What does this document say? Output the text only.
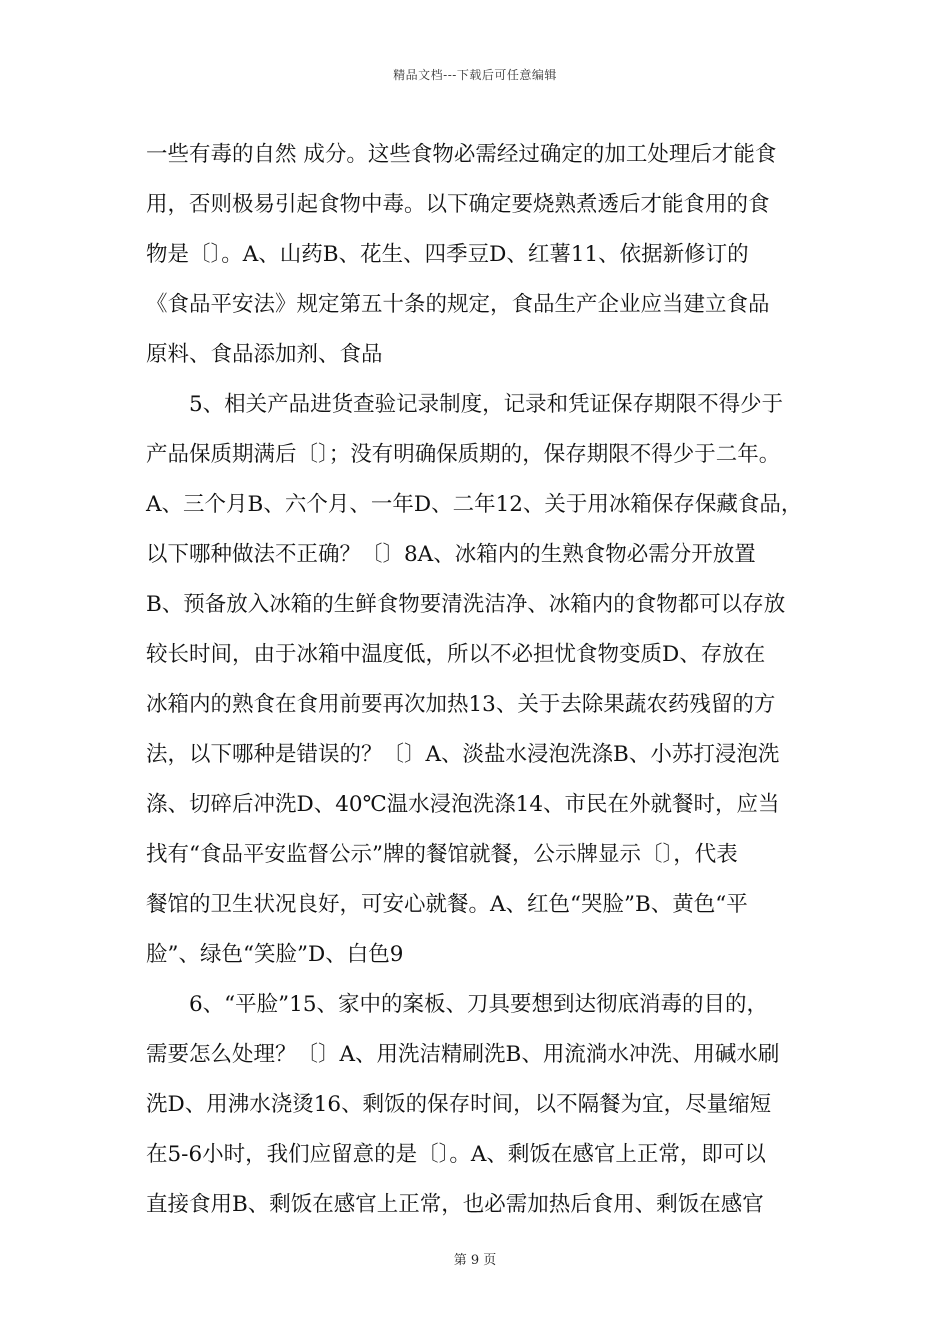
精品文档---下载后可任意编辑
一些有毒的自然 成分。这些食物必需经过确定的加工处理后才能食
用，否则极易引起食物中毒。以下确定要烧熟煮透后才能食用的食
物是〔〕。A、山药B、花生、四季豆D、红薯11、依据新修订的
《食品平安法》规定第五十条的规定，食品生产企业应当建立食品
原料、食品添加剂、食品
5、相关产品进货查验记录制度，记录和凭证保存期限不得少于
产品保质期满后〔〕；没有明确保质期的，保存期限不得少于二年。
A、三个月B、六个月、一年D、二年12、关于用冰箱保存保藏食品，
以下哪种做法不正确？〔〕8A、冰箱内的生熟食物必需分开放置
B、预备放入冰箱的生鲜食物要清洗洁净、冰箱内的食物都可以存放
较长时间，由于冰箱中温度低，所以不必担忧食物变质D、存放在
冰箱内的熟食在食用前要再次加热13、关于去除果蔬农药残留的方
法，以下哪种是错误的？〔〕A、淡盐水浸泡洗涤B、小苏打浸泡洗
涤、切碎后冲洗D、40℃温水浸泡洗涤14、市民在外就餐时，应当
找有“食品平安监督公示”牌的餐馆就餐，公示牌显示〔〕，代表
餐馆的卫生状况良好，可安心就餐。A、红色“哭脸”B、黄色“平
脸”、绿色“笑脸”D、白色9
6、“平脸”15、家中的案板、刀具要想到达彻底消毒的目的，
需要怎么处理？〔〕A、用洗洁精刷洗B、用流淌水冲洗、用碱水刷
洗D、用沸水浇烫16、剩饭的保存时间，以不隔餐为宜，尽量缩短
在5-6小时，我们应留意的是〔〕。A、剩饭在感官上正常，即可以
直接食用B、剩饭在感官上正常，也必需加热后食用、剩饭在感官
第 9 页
